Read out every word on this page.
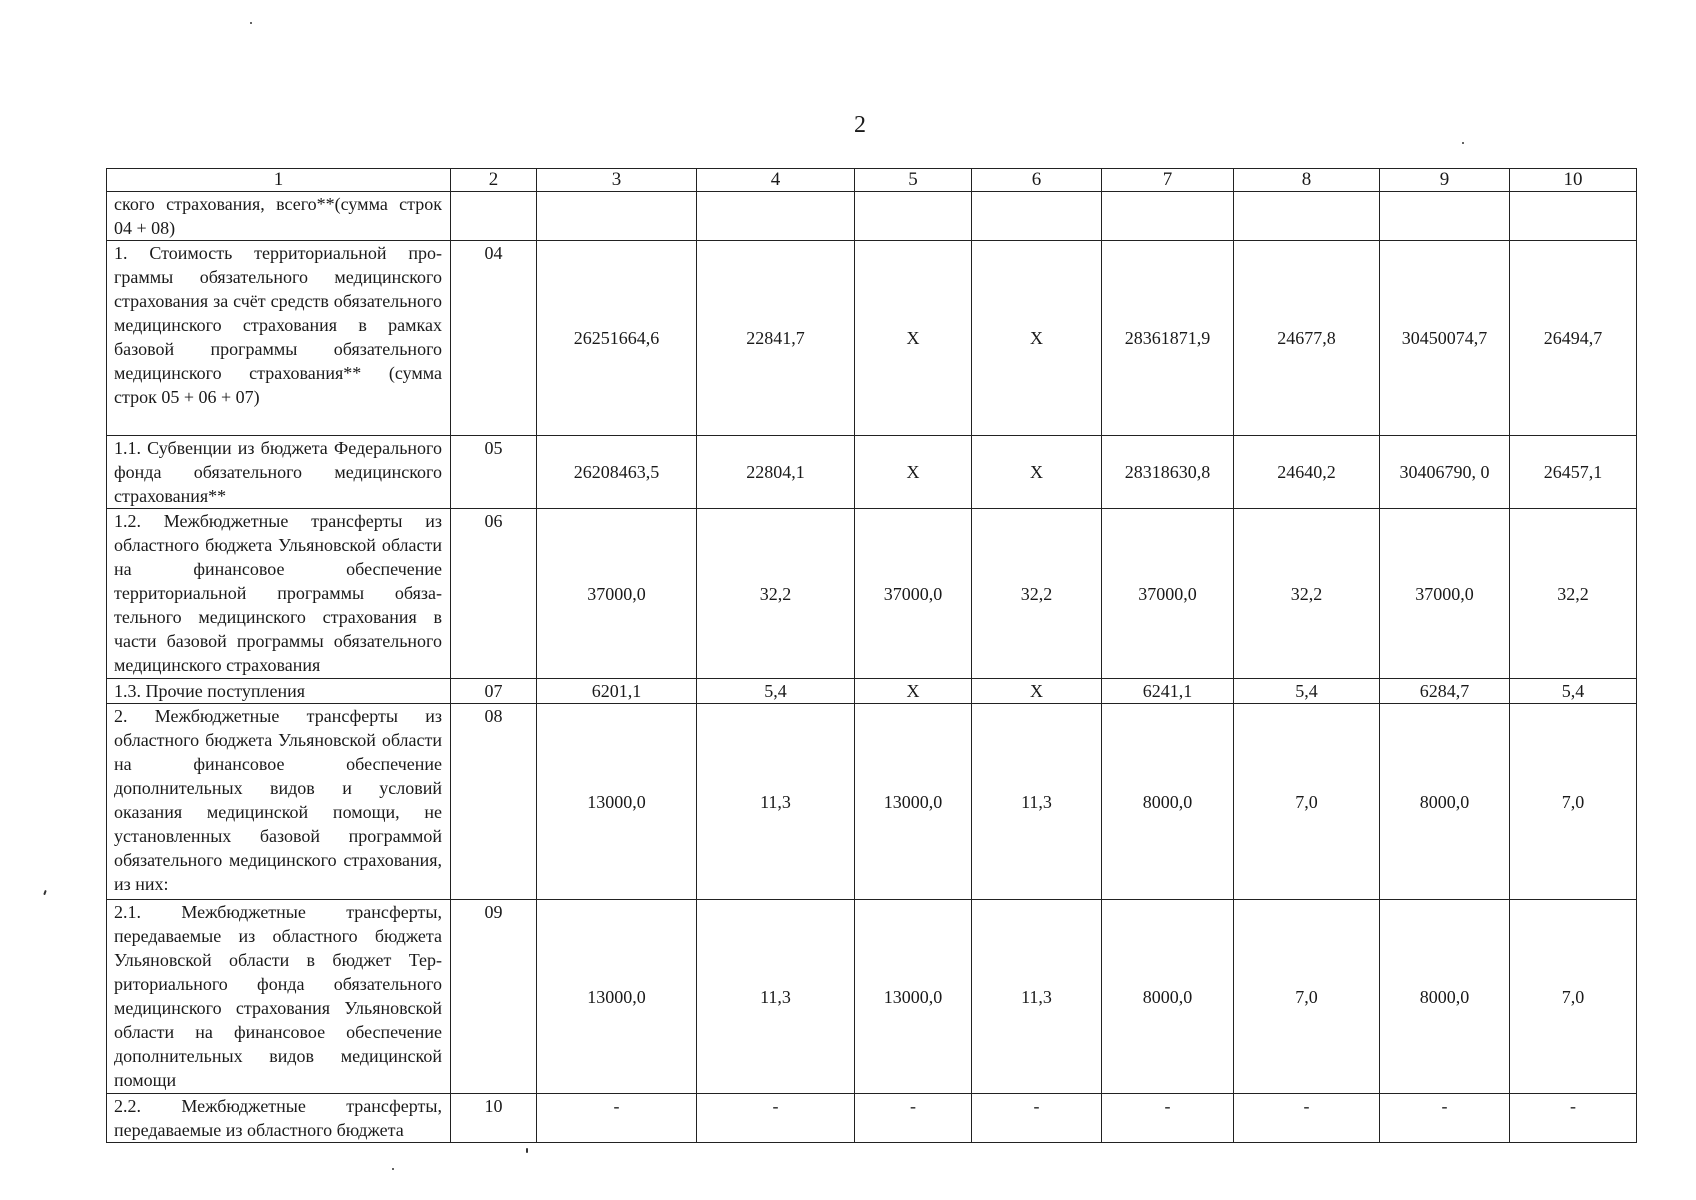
2
1	2	3	4	5	6	7	8	9	10
ского страхования, всего**(сумма строк 04 + 08)									
1. Стоимость территориальной программы обязательного медицинского страхования за счёт средств обязательного медицинского страхования в рамках базовой программы обязательного медицинского страхования** (сумма строк 05 + 06 + 07)	04	26251664,6	22841,7	X	X	28361871,9	24677,8	30450074,7	26494,7
1.1. Субвенции из бюджета Федерального фонда обязательного медицинского страхования**	05	26208463,5	22804,1	X	X	28318630,8	24640,2	30406790, 0	26457,1
1.2. Межбюджетные трансферты из областного бюджета Ульяновской области на финансовое обеспечение территориальной программы обязательного медицинского страхования в части базовой программы обязательного медицинского страхования	06	37000,0	32,2	37000,0	32,2	37000,0	32,2	37000,0	32,2
1.3. Прочие поступления	07	6201,1	5,4	X	X	6241,1	5,4	6284,7	5,4
2. Межбюджетные трансферты из областного бюджета Ульяновской области на финансовое обеспечение дополнительных видов и условий оказания медицинской помощи, не установленных базовой программой обязательного медицинского страхования, из них:	08	13000,0	11,3	13000,0	11,3	8000,0	7,0	8000,0	7,0
2.1. Межбюджетные трансферты, передаваемые из областного бюджета Ульяновской области в бюджет Территориального фонда обязательного медицинского страхования Ульяновской области на финансовое обеспечение дополнительных видов медицинской помощи	09	13000,0	11,3	13000,0	11,3	8000,0	7,0	8000,0	7,0
2.2. Межбюджетные трансферты, передаваемые из областного бюджета	10	-	-	-	-	-	-	-	-
